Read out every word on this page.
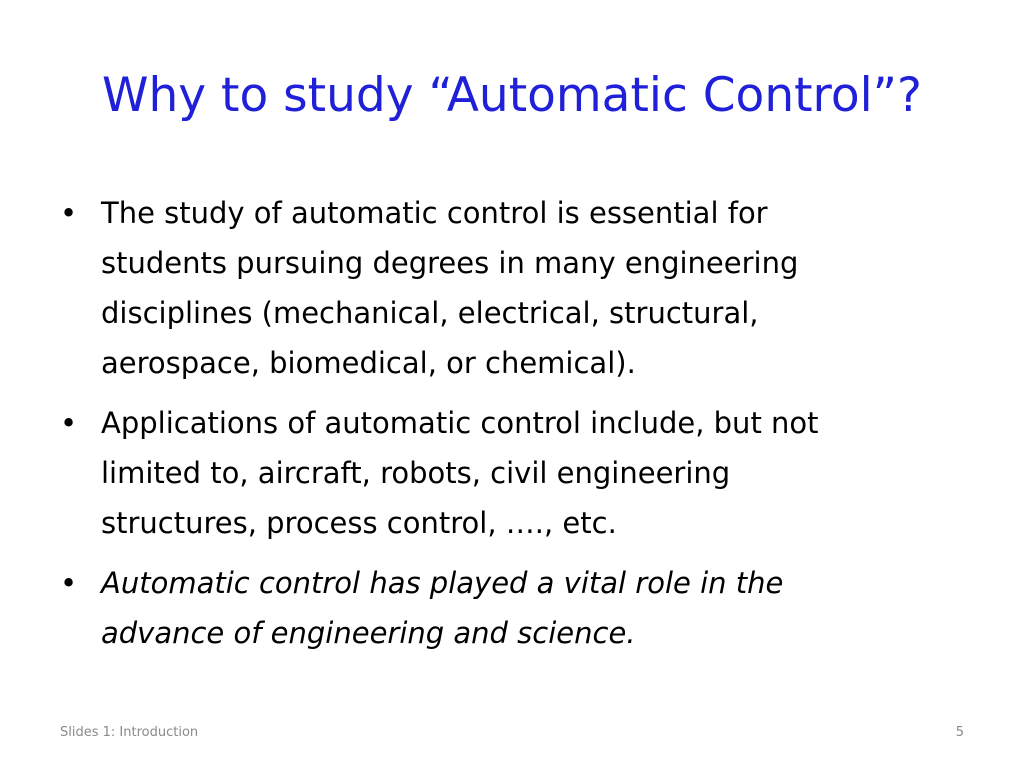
Why to study “Automatic Control”?
• The study of automatic control is essential for
students pursuing degrees in many engineering
disciplines (mechanical, electrical, structural,
aerospace, biomedical, or chemical).
• Applications of automatic control include, but not
limited to, aircraft, robots, civil engineering
structures, process control, …., etc.
• Automatic control has played a vital role in the
advance of engineering and science.
Slides 1: Introduction	5
